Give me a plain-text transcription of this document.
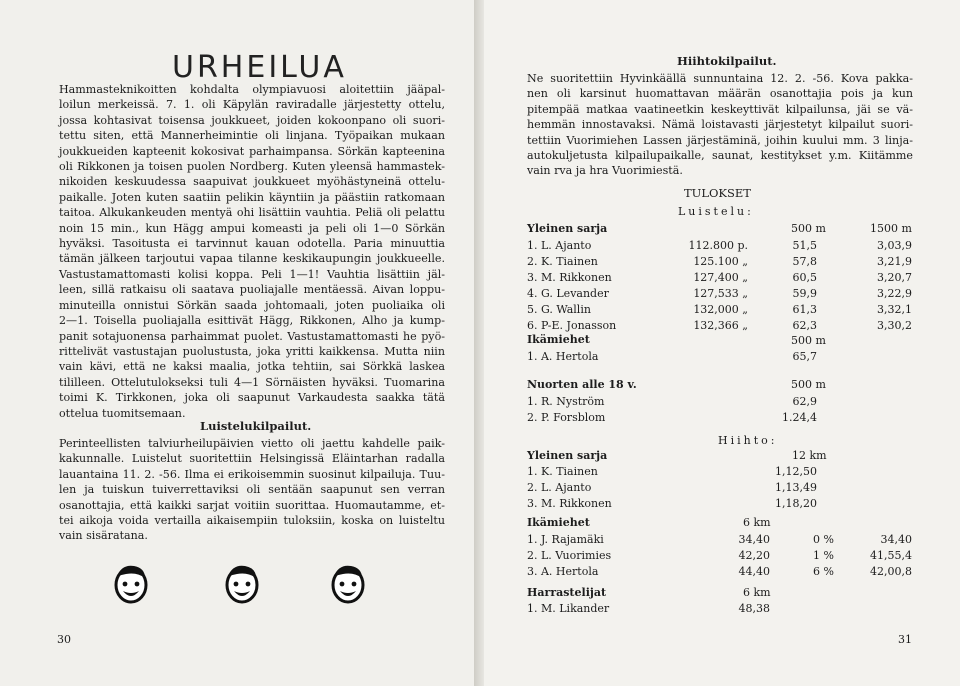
URHEILUA
Hammasteknikoitten kohdalta olympiavuosi aloitettiin jääpal-
loilun merkeissä. 7. 1. oli Käpylän raviradalle järjestetty ottelu,
jossa kohtasivat toisensa joukkueet, joiden kokoonpano oli suori-
tettu siten, että Mannerheimintie oli linjana. Työpaikan mukaan
joukkueiden kapteenit kokosivat parhaimpansa. Sörkän kapteenina
oli Rikkonen ja toisen puolen Nordberg. Kuten yleensä hammastek-
nikoiden keskuudessa saapuivat joukkueet myöhästyneinä ottelu-
paikalle. Joten kuten saatiin pelikin käyntiin ja päästiin ratkomaan
taitoa. Alkukankeuden mentyä ohi lisättiin vauhtia. Peliä oli pelattu
noin 15 min., kun Hägg ampui komeasti ja peli oli 1—0 Sörkän
hyväksi. Tasoitusta ei tarvinnut kauan odotella. Paria minuuttia
tämän jälkeen tarjoutui vapaa tilanne keskikaupungin joukkueelle.
Vastustamattomasti kolisi koppa. Peli 1—1! Vauhtia lisättiin jäl-
leen, sillä ratkaisu oli saatava puoliajalle mentäessä. Aivan loppu-
minuteilla onnistui Sörkän saada johtomaali, joten puoliaika oli
2—1. Toisella puoliajalla esittivät Hägg, Rikkonen, Alho ja kump-
panit sotajuonensa parhaimmat puolet. Vastustamattomasti he pyö-
rittelivät vastustajan puolustusta, joka yritti kaikkensa. Mutta niin
vain kävi, että ne kaksi maalia, jotka tehtiin, sai Sörkkä laskea
tililleen. Ottelutulokseksi tuli 4—1 Sörnäisten hyväksi. Tuomarina
toimi K. Tirkkonen, joka oli saapunut Varkaudesta saakka tätä
ottelua tuomitsemaan.
Luistelukilpailut.
Perinteellisten talviurheilupäivien vietto oli jaettu kahdelle paik-
kakunnalle. Luistelut suoritettiin Helsingissä Eläintarhan radalla
lauantaina 11. 2. -56. Ilma ei erikoisemmin suosinut kilpailuja. Tuu-
len ja tuiskun tuiverrettaviksi oli sentään saapunut sen verran
osanottajia, että kaikki sarjat voitiin suorittaa. Huomautamme, et-
tei aikoja voida vertailla aikaisempiin tuloksiin, koska on luisteltu
vain sisäratana.
30
Hiihtokilpailut.
Ne suoritettiin Hyvinkäällä sunnuntaina 12. 2. -56. Kova pakka-
nen oli karsinut huomattavan määrän osanottajia pois ja kun
pitempää matkaa vaatineetkin keskeyttivät kilpailunsa, jäi se vä-
hemmän innostavaksi. Nämä loistavasti järjestetyt kilpailut suori-
tettiin Vuorimiehen Lassen järjestäminä, joihin kuului mm. 3 linja-
autokuljetusta kilpailupaikalle, saunat, kestitykset y.m. Kiitämme
vain rva ja hra Vuorimiestä.
TULOKSET
Luistelu:
Yleinen sarja	500 m	1500 m
1. L. Ajanto	112.800 p.	51,5	3,03,9
2. K. Tiainen	125.100 „	57,8	3,21,9
3. M. Rikkonen	127,400 „	60,5	3,20,7
4. G. Levander	127,533 „	59,9	3,22,9
5. G. Wallin	132,000 „	61,3	3,32,1
6. P-E. Jonasson	132,366 „	62,3	3,30,2
Ikämiehet	500 m
1. A. Hertola	65,7
Nuorten alle 18 v.	500 m
1. R. Nyström	62,9
2. P. Forsblom	1.24,4
Hiihto:
Yleinen sarja	12 km
1. K. Tiainen	1,12,50
2. L. Ajanto	1,13,49
3. M. Rikkonen	1,18,20
Ikämiehet	6 km
1. J. Rajamäki	34,40	0 %	34,40
2. L. Vuorimies	42,20	1 %	41,55,4
3. A. Hertola	44,40	6 %	42,00,8
Harrastelijat	6 km
1. M. Likander	48,38
31
